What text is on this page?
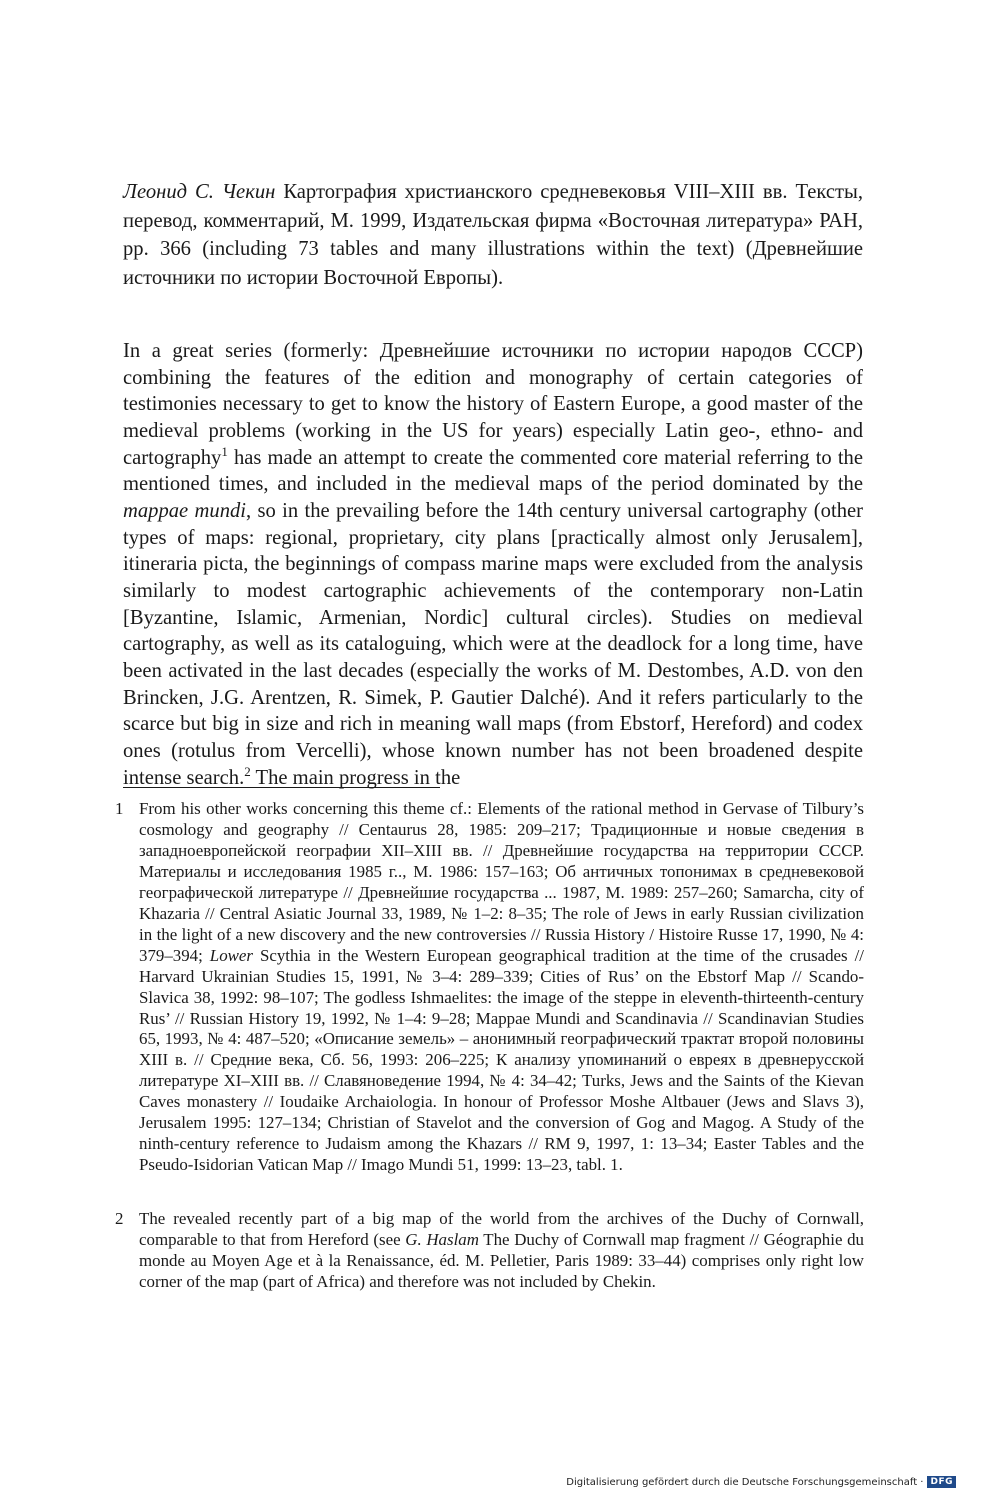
Леонид С. Чекин Картография христианского средневековья VIII–XIII вв. Тексты, перевод, комментарий, М. 1999, Издательская фирма «Восточная литература» РАН, pp. 366 (including 73 tables and many illustrations within the text) (Древнейшие источники по истории Восточной Европы).

In a great series (formerly: Древнейшие источники по истории народов СССР) combining the features of the edition and monography of certain categories of testimonies necessary to get to know the history of Eastern Europe, a good master of the medieval problems (working in the US for years) especially Latin geo-, ethno- and cartography$^1$ has made an attempt to create the commented core material referring to the mentioned times, and included in the medieval maps of the period dominated by the mappae mundi, so in the prevailing before the 14th century universal cartography (other types of maps: regional, proprietary, city plans [practically almost only Jerusalem], itineraria picta, the beginnings of compass marine maps were excluded from the analysis similarly to modest cartographic achievements of the contemporary non-Latin [Byzantine, Islamic, Armenian, Nordic] cultural circles). Studies on medieval cartography, as well as its cataloguing, which were at the deadlock for a long time, have been activated in the last decades (especially the works of M. Destombes, A.D. von den Brincken, J.G. Arentzen, R. Simek, P. Gautier Dalché). And it refers particularly to the scarce but big in size and rich in meaning wall maps (from Ebstorf, Hereford) and codex ones (rotulus from Vercelli), whose known number has not been broadened despite intense search.$^2$ The main progress in the

1 From his other works concerning this theme cf.: Elements of the rational method in Gervase of Tilbury’s cosmology and geography // Centaurus 28, 1985: 209–217; Традиционные и новые сведения в западноевропейской географии XII–XIII вв. // Древнейшие государства на территории СССР. Материалы и исследования 1985 г.., М. 1986: 157–163; Об античных топонимах в средневековой географической литературе // Древнейшие государства ... 1987, М. 1989: 257–260; Samarcha, city of Khazaria // Central Asiatic Journal 33, 1989, № 1–2: 8–35; The role of Jews in early Russian civilization in the light of a new discovery and the new controversies // Russia History / Histoire Russe 17, 1990, № 4: 379–394; Lower Scythia in the Western European geographical tradition at the time of the crusades // Harvard Ukrainian Studies 15, 1991, № 3–4: 289–339; Cities of Rus’ on the Ebstorf Map // Scando-Slavica 38, 1992: 98–107; The godless Ishmaelites: the image of the steppe in eleventh-thirteenth-century Rus’ // Russian History 19, 1992, № 1–4: 9–28; Mappae Mundi and Scandinavia // Scandinavian Studies 65, 1993, № 4: 487–520; «Описание земель» – анонимный географический трактат второй половины XIII в. // Средние века, Сб. 56, 1993: 206–225; К анализу упоминаний о евреях в древнерусской литературе XI–XIII вв. // Славяноведение 1994, № 4: 34–42; Turks, Jews and the Saints of the Kievan Caves monastery // Ioudaike Archaiologia. In honour of Professor Moshe Altbauer (Jews and Slavs 3), Jerusalem 1995: 127–134; Christian of Stavelot and the conversion of Gog and Magog. A Study of the ninth-century reference to Judaism among the Khazars // RM 9, 1997, 1: 13–34; Easter Tables and the Pseudo-Isidorian Vatican Map // Imago Mundi 51, 1999: 13–23, tabl. 1.

2 The revealed recently part of a big map of the world from the archives of the Duchy of Cornwall, comparable to that from Hereford (see G. Haslam The Duchy of Cornwall map fragment // Géographie du monde au Moyen Age et à la Renaissance, éd. M. Pelletier, Paris 1989: 33–44) comprises only right low corner of the map (part of Africa) and therefore was not included by Chekin.

Digitalisierung gefördert durch die Deutsche Forschungsgemeinschaft · DFG
